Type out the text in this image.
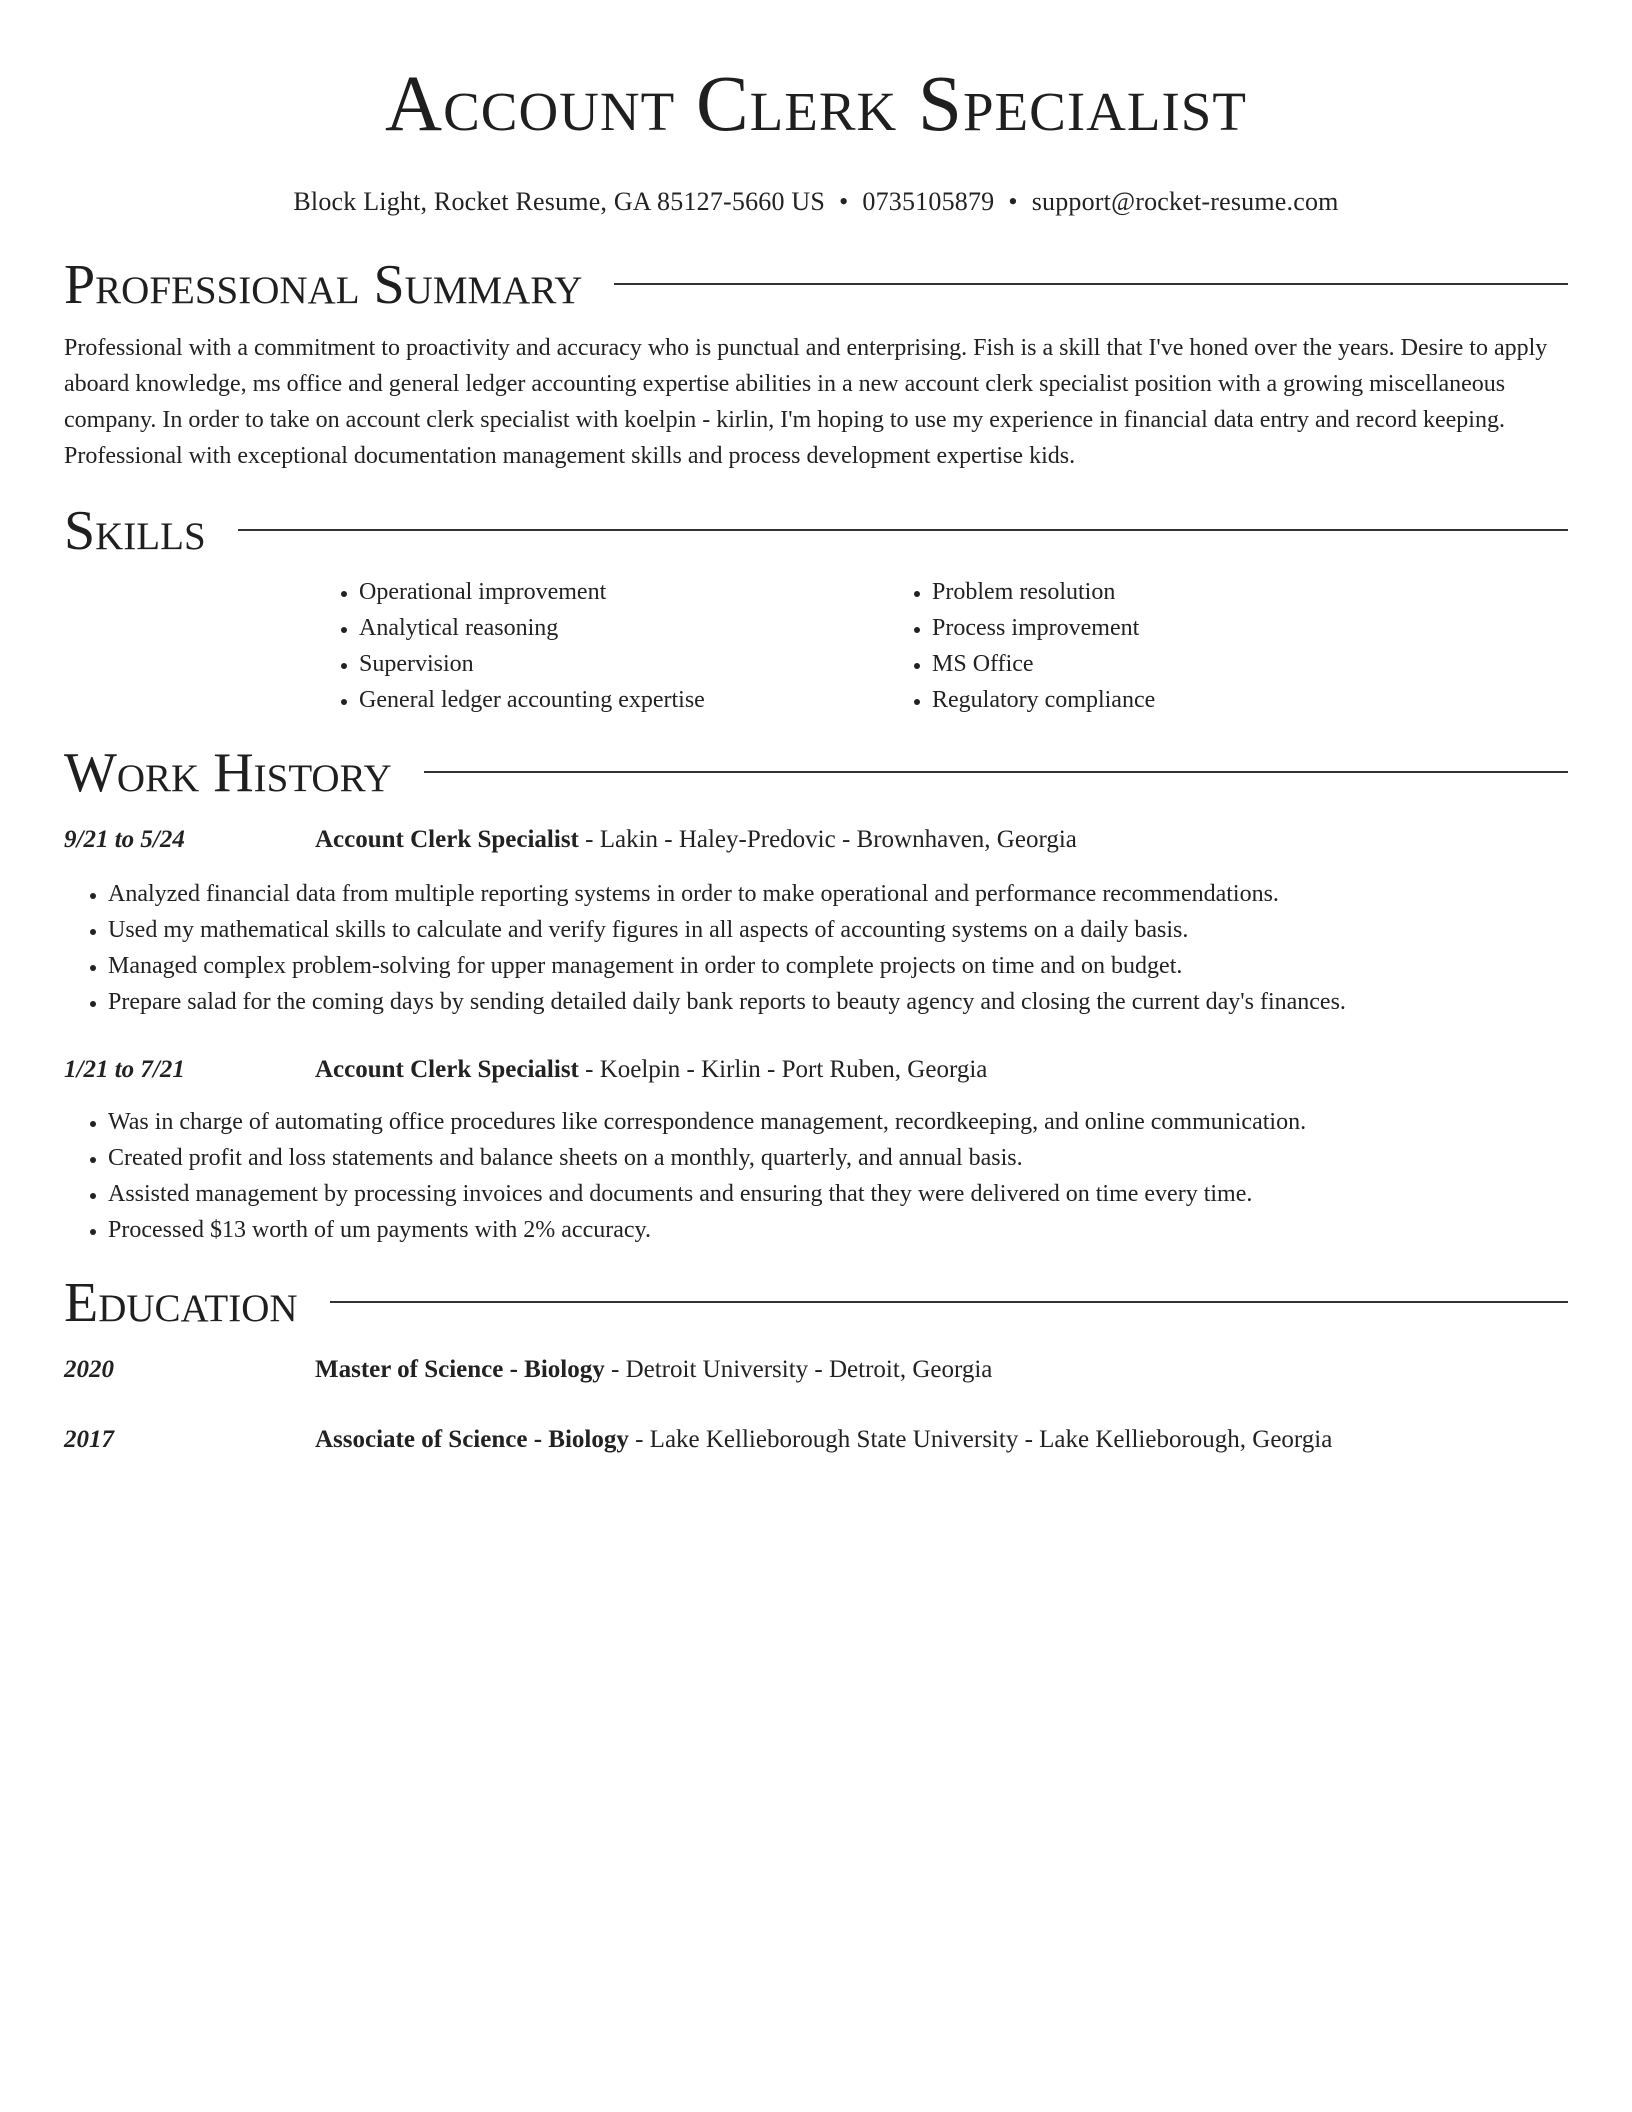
Account Clerk Specialist
Block Light, Rocket Resume, GA 85127-5660 US • 0735105879 • support@rocket-resume.com
Professional Summary

Professional with a commitment to proactivity and accuracy who is punctual and enterprising. Fish is a skill that I've honed over the years. Desire to apply aboard knowledge, ms office and general ledger accounting expertise abilities in a new account clerk specialist position with a growing miscellaneous company. In order to take on account clerk specialist with koelpin - kirlin, I'm hoping to use my experience in financial data entry and record keeping. Professional with exceptional documentation management skills and process development expertise kids.

Skills
• Operational improvement
• Analytical reasoning
• Supervision
• General ledger accounting expertise
• Problem resolution
• Process improvement
• MS Office
• Regulatory compliance
Work History
9/21 to 5/24	Account Clerk Specialist - Lakin - Haley-Predovic - Brownhaven, Georgia
• Analyzed financial data from multiple reporting systems in order to make operational and performance recommendations.
• Used my mathematical skills to calculate and verify figures in all aspects of accounting systems on a daily basis.
• Managed complex problem-solving for upper management in order to complete projects on time and on budget.
• Prepare salad for the coming days by sending detailed daily bank reports to beauty agency and closing the current day's finances.
1/21 to 7/21	Account Clerk Specialist - Koelpin - Kirlin - Port Ruben, Georgia
• Was in charge of automating office procedures like correspondence management, recordkeeping, and online communication.
• Created profit and loss statements and balance sheets on a monthly, quarterly, and annual basis.
• Assisted management by processing invoices and documents and ensuring that they were delivered on time every time.
• Processed $13 worth of um payments with 2% accuracy.
Education
2020	Master of Science - Biology - Detroit University - Detroit, Georgia
2017	Associate of Science - Biology - Lake Kellieborough State University - Lake Kellieborough, Georgia
